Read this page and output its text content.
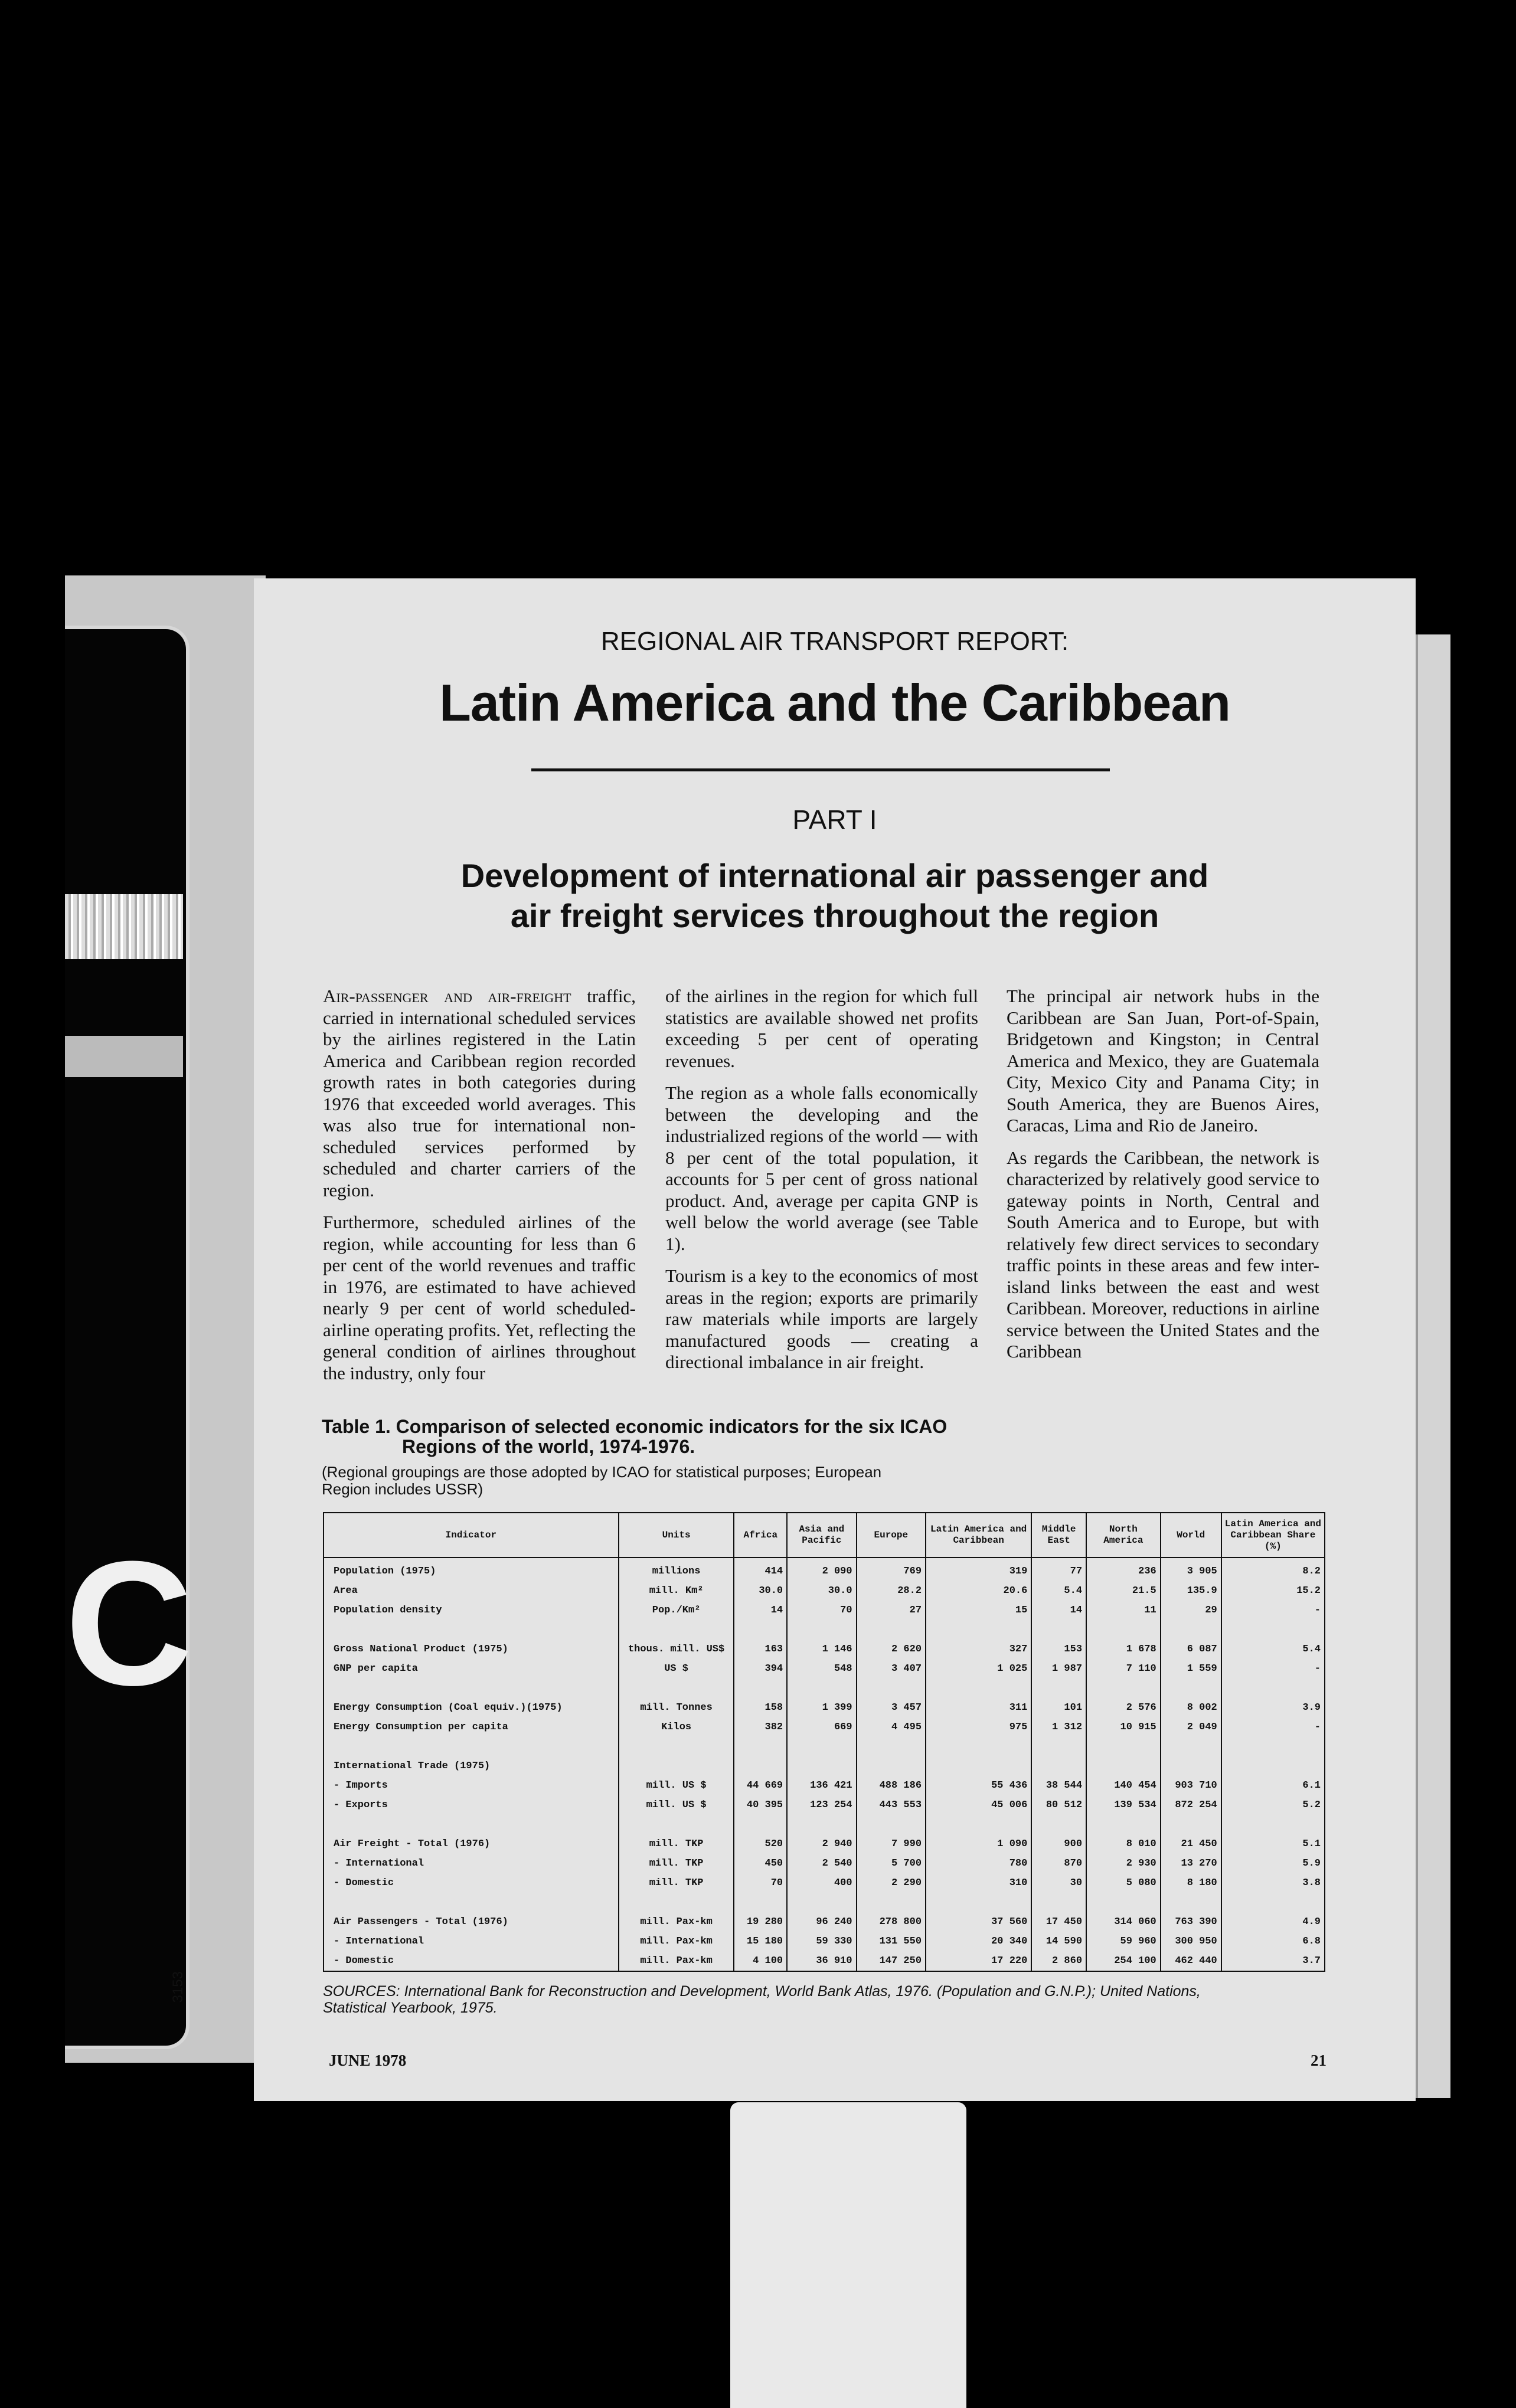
C
3153
REGIONAL AIR TRANSPORT REPORT:
Latin America and the Caribbean
PART I
Development of international air passenger and
air freight services throughout the region

Air-passenger and air-freight traffic, carried in international scheduled services by the airlines registered in the Latin America and Caribbean region recorded growth rates in both categories during 1976 that exceeded world averages. This was also true for international non-scheduled services performed by scheduled and charter carriers of the region.

Furthermore, scheduled airlines of the region, while accounting for less than 6 per cent of the world revenues and traffic in 1976, are estimated to have achieved nearly 9 per cent of world scheduled-airline operating profits. Yet, reflecting the general condition of airlines throughout the industry, only four

of the airlines in the region for which full statistics are available showed net profits exceeding 5 per cent of operating revenues.

The region as a whole falls economically between the developing and the industrialized regions of the world — with 8 per cent of the total population, it accounts for 5 per cent of gross national product. And, average per capita GNP is well below the world average (see Table 1).

Tourism is a key to the economics of most areas in the region; exports are primarily raw materials while imports are largely manufactured goods — creating a directional imbalance in air freight.

The principal air network hubs in the Caribbean are San Juan, Port-of-Spain, Bridgetown and Kingston; in Central America and Mexico, they are Guatemala City, Mexico City and Panama City; in South America, they are Buenos Aires, Caracas, Lima and Rio de Janeiro.

As regards the Caribbean, the network is characterized by relatively good service to gateway points in North, Central and South America and to Europe, but with relatively few direct services to secondary traffic points in these areas and few inter-island links between the east and west Caribbean. Moreover, reductions in airline service between the United States and the Caribbean

Table 1. Comparison of selected economic indicators for the six ICAO
Regions of the world, 1974-1976.
(Regional groupings are those adopted by ICAO for statistical purposes; European
Region includes USSR)
Indicator	Units	Africa	Asia and Pacific	Europe	Latin America and Caribbean	Middle East	North America	World	Latin America and Caribbean Share (%)
Population (1975)	millions	414	2 090	769	319	77	236	3 905	8.2
Area	mill. Km²	30.0	30.0	28.2	20.6	5.4	21.5	135.9	15.2
Population density	Pop./Km²	14	70	27	15	14	11	29	-

Gross National Product (1975)	thous. mill. US$	163	1 146	2 620	327	153	1 678	6 087	5.4
GNP per capita	US $	394	548	3 407	1 025	1 987	7 110	1 559	-

Energy Consumption (Coal equiv.)(1975)	mill. Tonnes	158	1 399	3 457	311	101	2 576	8 002	3.9
Energy Consumption per capita	Kilos	382	669	4 495	975	1 312	10 915	2 049	-

International Trade (1975)									
- Imports	mill. US $	44 669	136 421	488 186	55 436	38 544	140 454	903 710	6.1
- Exports	mill. US $	40 395	123 254	443 553	45 006	80 512	139 534	872 254	5.2

Air Freight - Total (1976)	mill. TKP	520	2 940	7 990	1 090	900	8 010	21 450	5.1
- International	mill. TKP	450	2 540	5 700	780	870	2 930	13 270	5.9
- Domestic	mill. TKP	70	400	2 290	310	30	5 080	8 180	3.8

Air Passengers - Total (1976)	mill. Pax-km	19 280	96 240	278 800	37 560	17 450	314 060	763 390	4.9
- International	mill. Pax-km	15 180	59 330	131 550	20 340	14 590	59 960	300 950	6.8
- Domestic	mill. Pax-km	4 100	36 910	147 250	17 220	2 860	254 100	462 440	3.7
SOURCES: International Bank for Reconstruction and Development, World Bank Atlas, 1976. (Population and G.N.P.); United Nations,
Statistical Yearbook, 1975.
JUNE 1978	21
